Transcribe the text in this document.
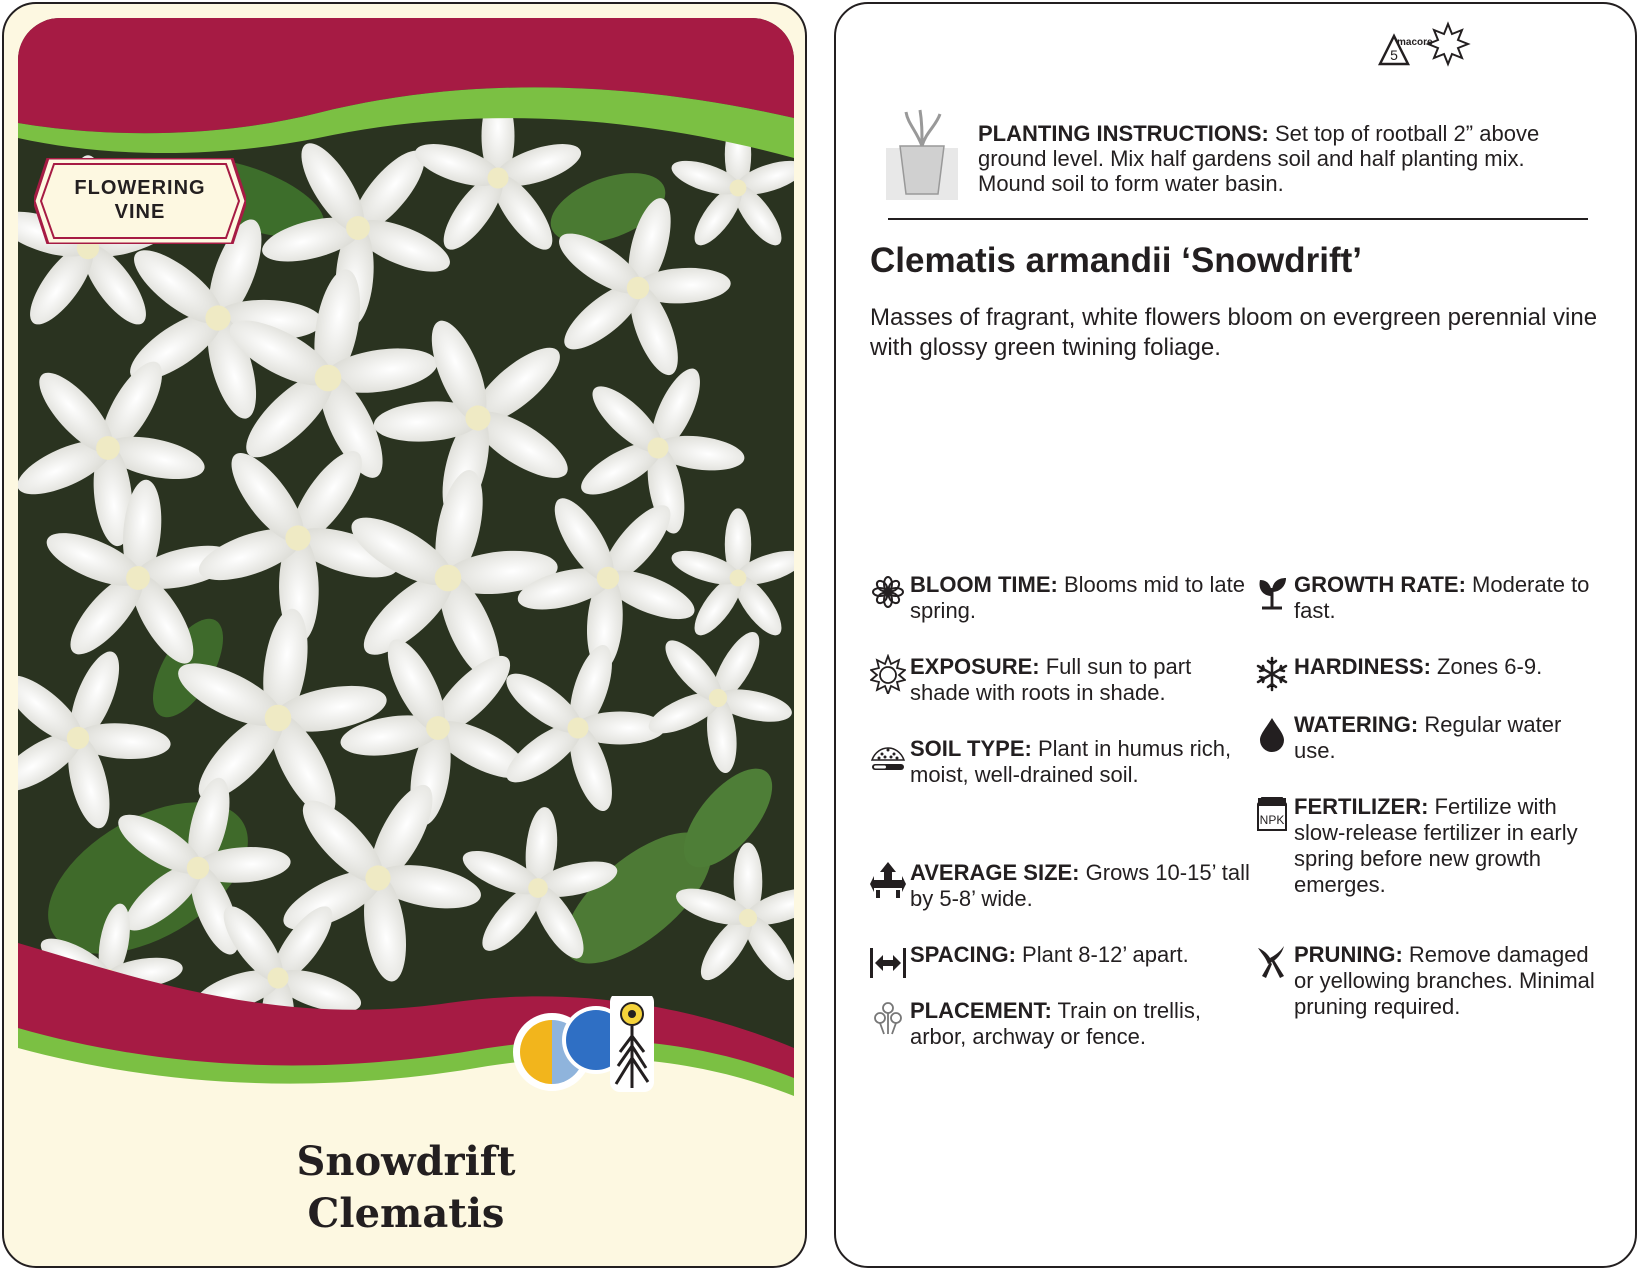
FLOWERING
VINE
Snowdrift
Clematis
5
macore
PLANTING INSTRUCTIONS: Set top of rootball 2” above ground level. Mix half gardens soil and half planting mix. Mound soil to form water basin.
Clematis armandii ‘Snowdrift’
Masses of fragrant, white flowers bloom on evergreen perennial vine with glossy green twining foliage.
BLOOM TIME: Blooms mid to late spring.
EXPOSURE: Full sun to part shade with roots in shade.
SOIL TYPE: Plant in humus rich, moist, well-drained soil.
AVERAGE SIZE: Grows 10-15’ tall by 5-8’ wide.
SPACING: Plant 8-12’ apart.
PLACEMENT: Train on trellis, arbor, archway or fence.
GROWTH RATE: Moderate to fast.
HARDINESS: Zones 6-9.
WATERING: Regular water use.
NPK
FERTILIZER: Fertilize with slow-release fertilizer in early spring before new growth emerges.
PRUNING: Remove damaged or yellowing branches. Minimal pruning required.
